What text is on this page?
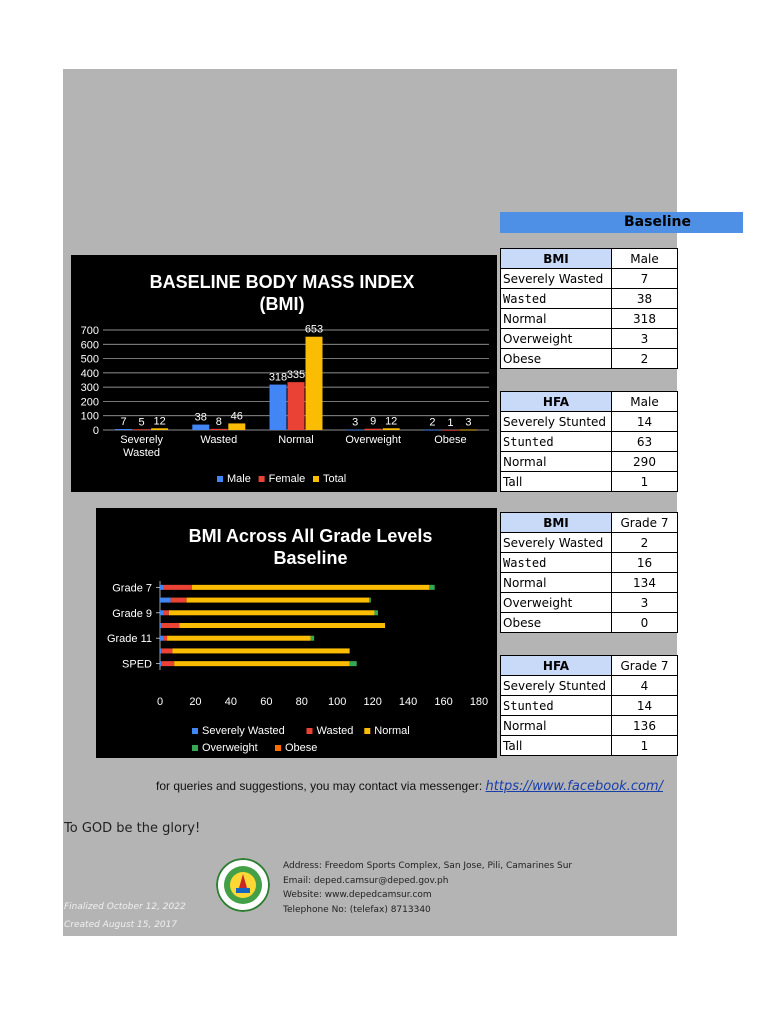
Baseline
BMI	Male
Severely Wasted	7
Wasted	38
Normal	318
Overweight	3
Obese	2
HFA	Male
Severely Stunted	14
Stunted	63
Normal	290
Tall	1
BMI	Grade 7
Severely Wasted	2
Wasted	16
Normal	134
Overweight	3
Obese	0
HFA	Grade 7
Severely Stunted	4
Stunted	14
Normal	136
Tall	1
BASELINE BODY MASS INDEX
(BMI)
0
100
200
300
400
500
600
700
7 5 12
Severely
Wasted
38 8 46
Wasted
318 335
653
Normal
3 9 12
Overweight
2 1 3
Obese
Male Female Total
BMI Across All Grade Levels
Baseline
Grade 7
Grade 9
Grade 11
SPED
0 20 40 60 80 100 120 140 160 180
Severely Wasted	Wasted Normal
Overweight Obese
for queries and suggestions, you may contact via messenger: https://www.facebook.com/
To GOD be the glory!
Address: Freedom Sports Complex, San Jose, Pili, Camarines Sur
Email: deped.camsur@deped.gov.ph
Website: www.depedcamsur.com
Telephone No: (telefax) 8713340
Finalized October 12, 2022
Created August 15, 2017
